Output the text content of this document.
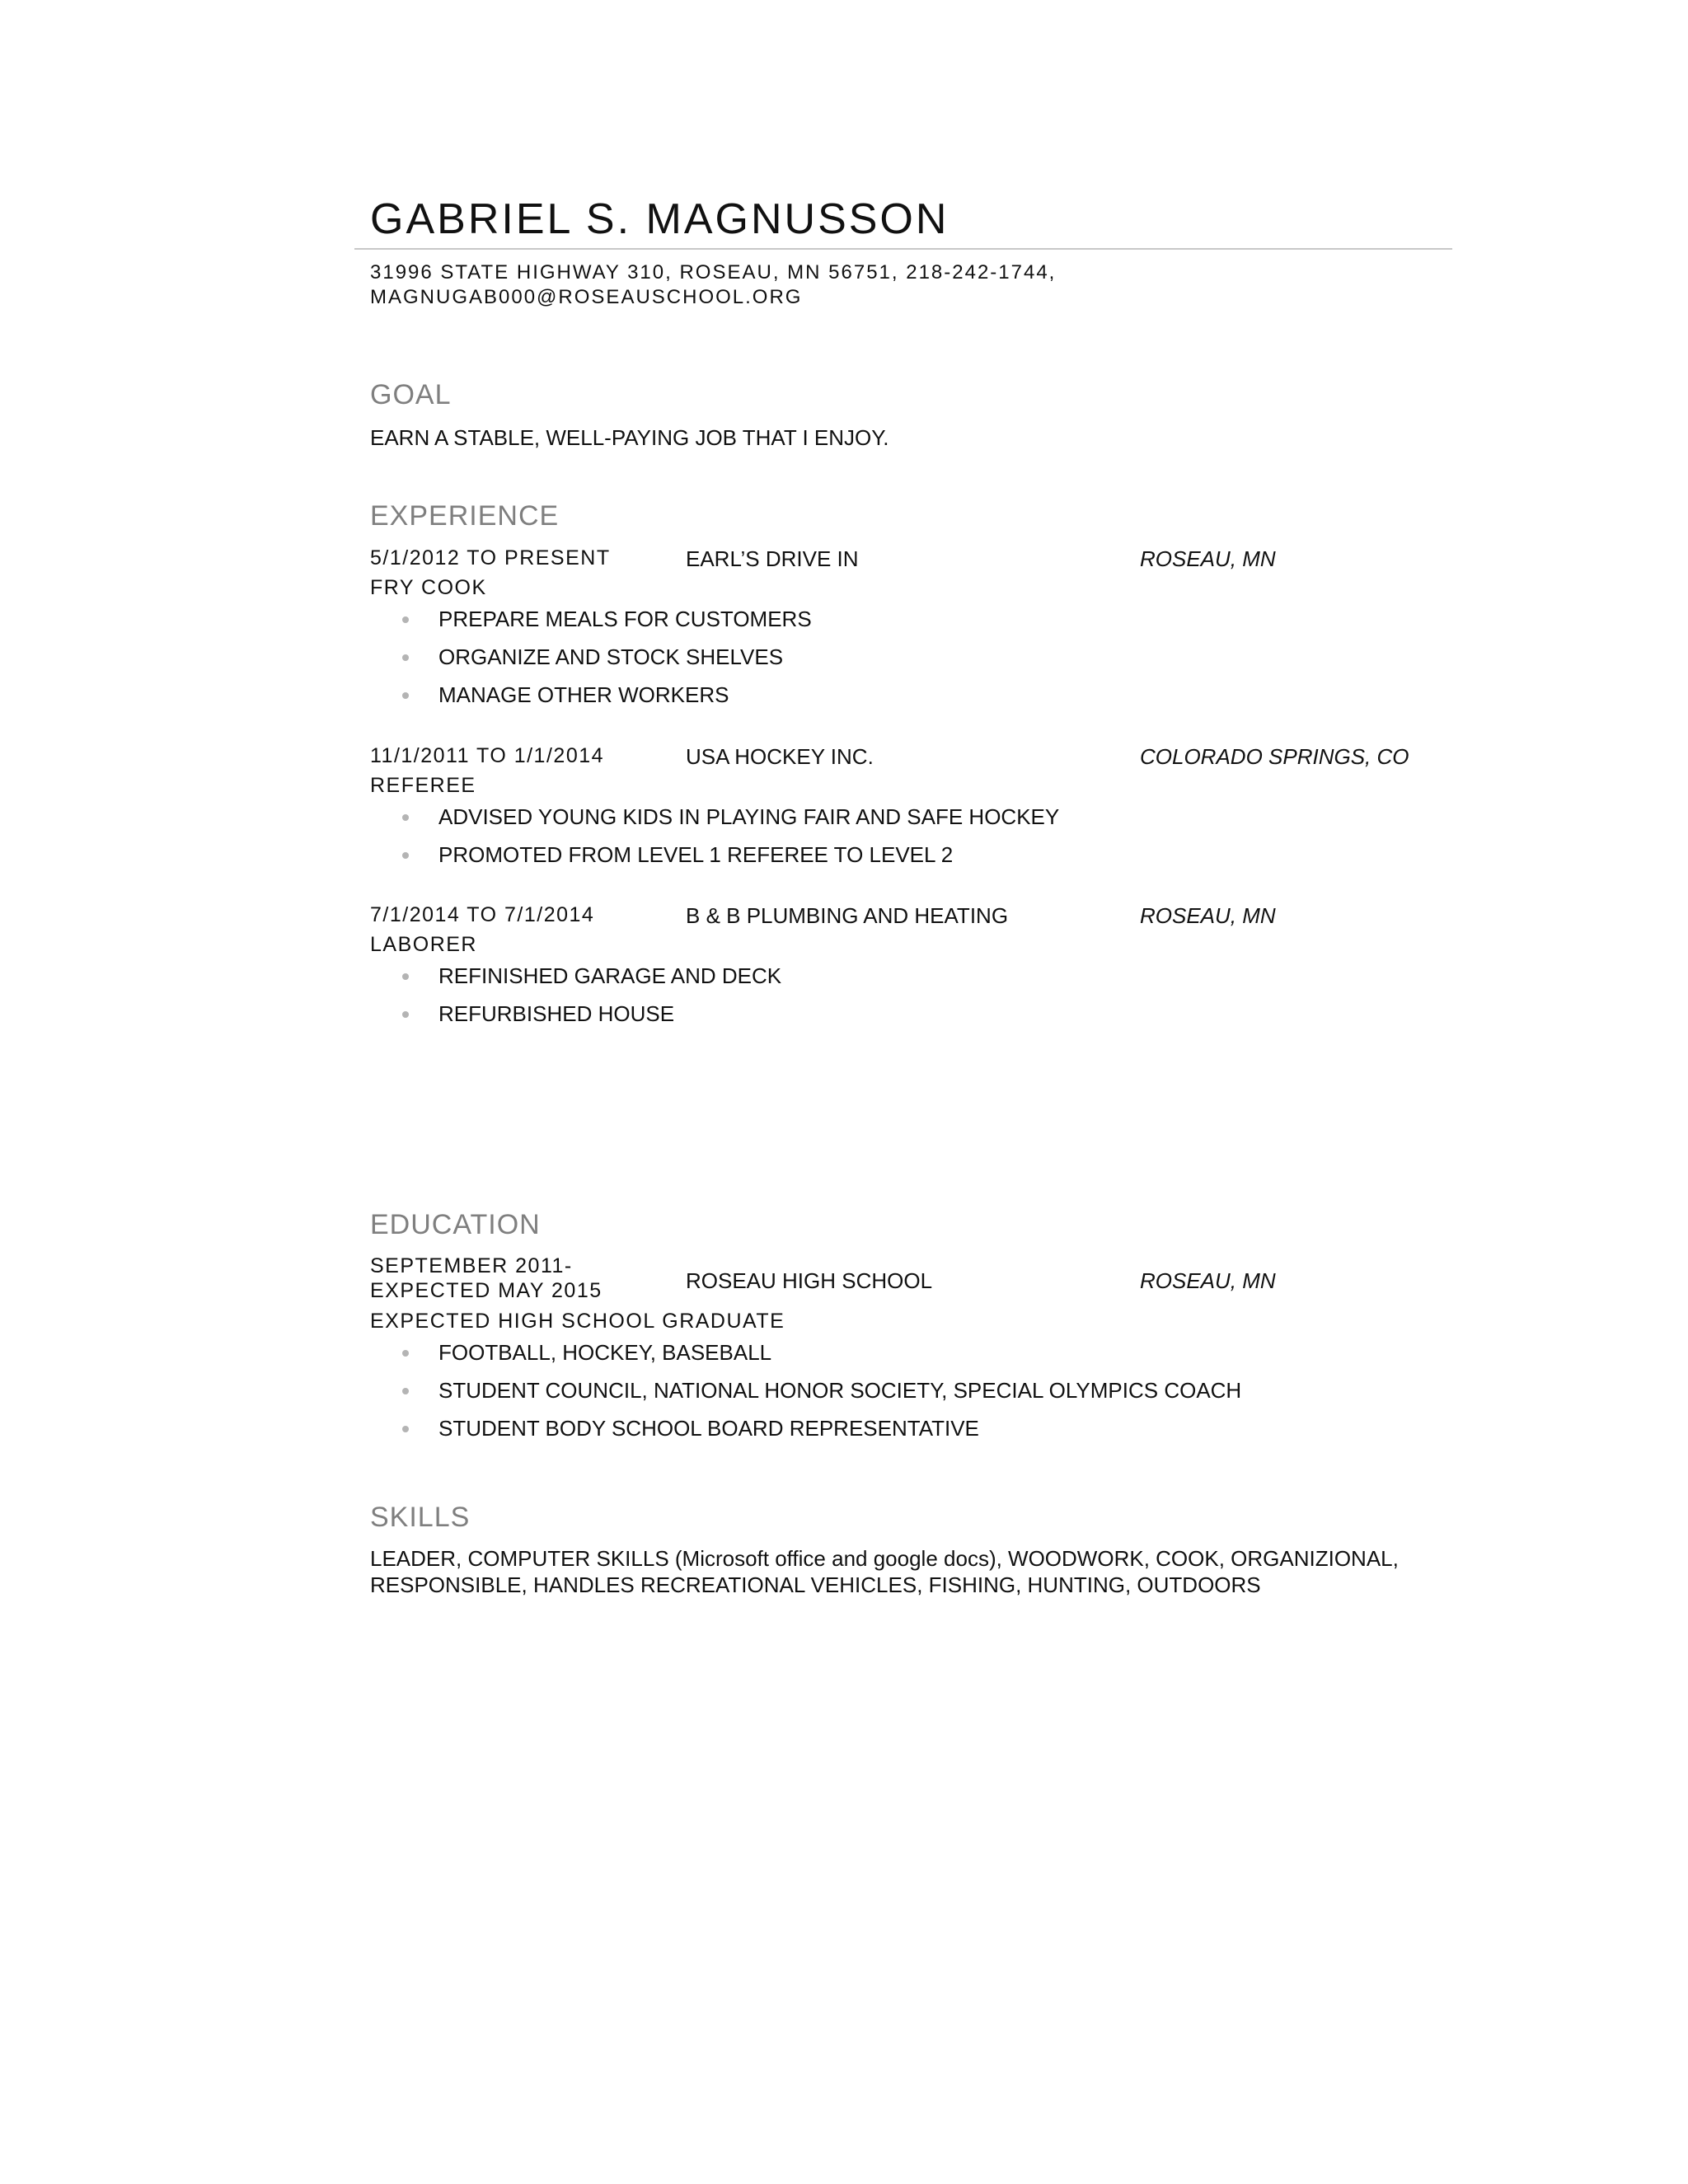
GABRIEL S. MAGNUSSON
31996 STATE HIGHWAY 310, ROSEAU, MN 56751, 218-242-1744,
MAGNUGAB000@ROSEAUSCHOOL.ORG
GOAL
EARN A STABLE, WELL-PAYING JOB THAT I ENJOY.
EXPERIENCE
5/1/2012 TO PRESENT	EARL’S DRIVE IN	ROSEAU, MN
FRY COOK
PREPARE MEALS FOR CUSTOMERS
ORGANIZE AND STOCK SHELVES
MANAGE OTHER WORKERS
11/1/2011 TO 1/1/2014	USA HOCKEY INC.	COLORADO SPRINGS, CO
REFEREE
ADVISED YOUNG KIDS IN PLAYING FAIR AND SAFE HOCKEY
PROMOTED FROM LEVEL 1 REFEREE TO LEVEL 2
7/1/2014 TO 7/1/2014	B & B PLUMBING AND HEATING	ROSEAU, MN
LABORER
REFINISHED GARAGE AND DECK
REFURBISHED HOUSE
EDUCATION
SEPTEMBER 2011-
EXPECTED MAY 2015	ROSEAU HIGH SCHOOL	ROSEAU, MN
EXPECTED HIGH SCHOOL GRADUATE
FOOTBALL, HOCKEY, BASEBALL
STUDENT COUNCIL, NATIONAL HONOR SOCIETY, SPECIAL OLYMPICS COACH
STUDENT BODY SCHOOL BOARD REPRESENTATIVE
SKILLS
LEADER, COMPUTER SKILLS (Microsoft office and google docs), WOODWORK, COOK, ORGANIZIONAL,
RESPONSIBLE, HANDLES RECREATIONAL VEHICLES, FISHING, HUNTING, OUTDOORS
